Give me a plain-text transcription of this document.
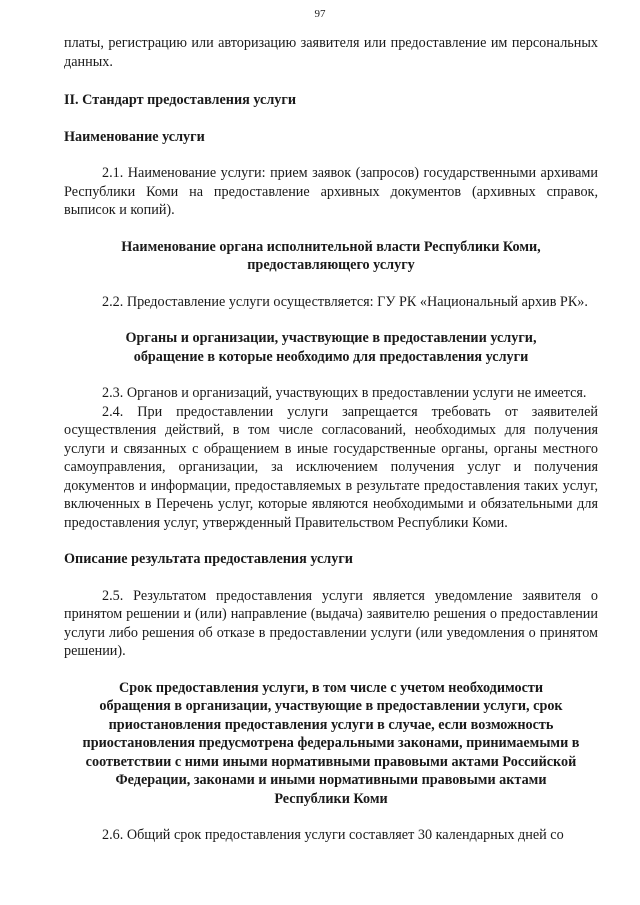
97

платы, регистрацию или авторизацию заявителя или предоставление им персональных данных.

II. Стандарт предоставления услуги

Наименование услуги

2.1. Наименование услуги: прием заявок (запросов) государственными архивами Республики Коми на предоставление архивных документов (архивных справок, выписок и копий).

Наименование органа исполнительной власти Республики Коми,
предоставляющего услугу

2.2. Предоставление услуги осуществляется: ГУ РК «Национальный архив РК».

Органы и организации, участвующие в предоставлении услуги,
обращение в которые необходимо для предоставления услуги

2.3. Органов и организаций, участвующих в предоставлении услуги не имеется.

2.4. При предоставлении услуги запрещается требовать от заявителей осуществления действий, в том числе согласований, необходимых для получения услуги и связанных с обращением в иные государственные органы, органы местного самоуправления, организации, за исключением получения услуг и получения документов и информации, предоставляемых в результате предоставления таких услуг, включенных в Перечень услуг, которые являются необходимыми и обязательными для предоставления услуг, утвержденный Правительством Республики Коми.

Описание результата предоставления услуги

2.5. Результатом предоставления услуги является уведомление заявителя о принятом решении и (или) направление (выдача) заявителю решения о предоставлении услуги либо решения об отказе в предоставлении услуги (или уведомления о принятом решении).

Срок предоставления услуги, в том числе с учетом необходимости
обращения в организации, участвующие в предоставлении услуги, срок
приостановления предоставления услуги в случае, если возможность
приостановления предусмотрена федеральными законами, принимаемыми в
соответствии с ними иными нормативными правовыми актами Российской
Федерации, законами и иными нормативными правовыми актами
Республики Коми

2.6. Общий срок предоставления услуги составляет 30 календарных дней со
